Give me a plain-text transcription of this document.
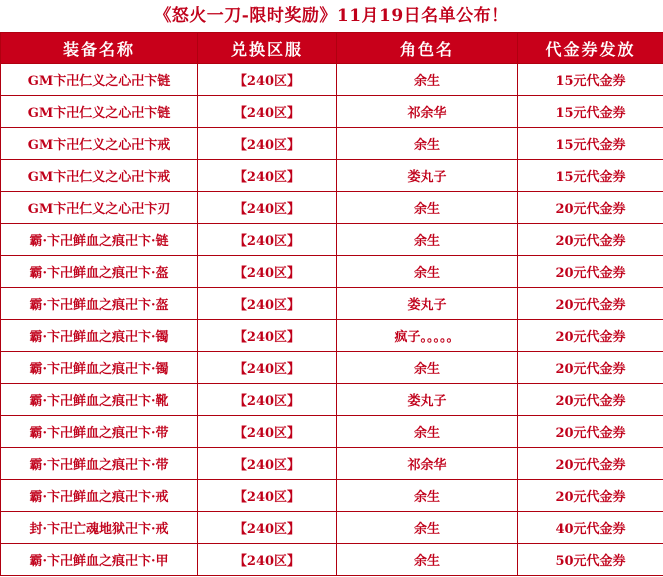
《怒火一刀-限时奖励》11月19日名单公布！
装备名称	兑换区服	角色名	代金券发放
GM卞卍仁义之心卍卞链	【240区】	余生	15元代金券
GM卞卍仁义之心卍卞链	【240区】	祁余华	15元代金券
GM卞卍仁义之心卍卞戒	【240区】	余生	15元代金券
GM卞卍仁义之心卍卞戒	【240区】	娄丸子	15元代金券
GM卞卍仁义之心卍卞刃	【240区】	余生	20元代金券
霸·卞卍鲜血之痕卍卞·链	【240区】	余生	20元代金券
霸·卞卍鲜血之痕卍卞·盔	【240区】	余生	20元代金券
霸·卞卍鲜血之痕卍卞·盔	【240区】	娄丸子	20元代金券
霸·卞卍鲜血之痕卍卞·镯	【240区】	疯子。。。。。	20元代金券
霸·卞卍鲜血之痕卍卞·镯	【240区】	余生	20元代金券
霸·卞卍鲜血之痕卍卞·靴	【240区】	娄丸子	20元代金券
霸·卞卍鲜血之痕卍卞·带	【240区】	余生	20元代金券
霸·卞卍鲜血之痕卍卞·带	【240区】	祁余华	20元代金券
霸·卞卍鲜血之痕卍卞·戒	【240区】	余生	20元代金券
封·卞卍亡魂地狱卍卞·戒	【240区】	余生	40元代金券
霸·卞卍鲜血之痕卍卞·甲	【240区】	余生	50元代金券
